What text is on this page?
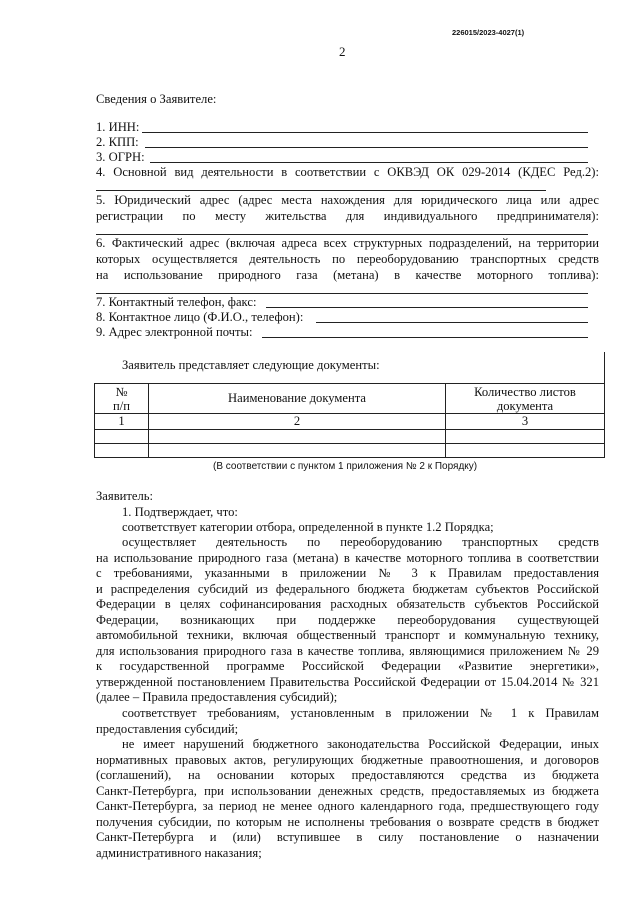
226015/2023-4027(1)
2
Сведения о Заявителе:
1. ИНН:
2. КПП:
3. ОГРН:
4. Основной вид деятельности в соответствии с ОКВЭД ОК 029-2014 (КДЕС Ред.2):
5. Юридический адрес (адрес места нахождения для юридического лица или адрес
регистрации по месту жительства для индивидуального предпринимателя):
6. Фактический адрес (включая адреса всех структурных подразделений, на территории
которых осуществляется деятельность по переоборудованию транспортных средств
на использование природного газа (метана) в качестве моторного топлива):
7. Контактный телефон, факс:
8. Контактное лицо (Ф.И.О., телефон):
9. Адрес электронной почты:
Заявитель представляет следующие документы:
№
п/п	Наименование документа	Количество листов документа
1	2	3

(В соответствии с пунктом 1 приложения № 2 к Порядку)
Заявитель:
1. Подтверждает, что:
соответствует категории отбора, определенной в пункте 1.2 Порядка;
осуществляет деятельность по переоборудованию транспортных средств
на использование природного газа (метана) в качестве моторного топлива в соответствии
с требованиями, указанными в приложении № 3 к Правилам предоставления
и распределения субсидий из федерального бюджета бюджетам субъектов Российской
Федерации в целях софинансирования расходных обязательств субъектов Российской
Федерации, возникающих при поддержке переоборудования существующей
автомобильной техники, включая общественный транспорт и коммунальную технику,
для использования природного газа в качестве топлива, являющимися приложением № 29
к государственной программе Российской Федерации «Развитие энергетики»,
утвержденной постановлением Правительства Российской Федерации от 15.04.2014 № 321
(далее – Правила предоставления субсидий);
соответствует требованиям, установленным в приложении № 1 к Правилам
предоставления субсидий;
не имеет нарушений бюджетного законодательства Российской Федерации, иных
нормативных правовых актов, регулирующих бюджетные правоотношения, и договоров
(соглашений), на основании которых предоставляются средства из бюджета
Санкт-Петербурга, при использовании денежных средств, предоставляемых из бюджета
Санкт-Петербурга, за период не менее одного календарного года, предшествующего году
получения субсидии, по которым не исполнены требования о возврате средств в бюджет
Санкт-Петербурга и (или) вступившее в силу постановление о назначении
административного наказания;
